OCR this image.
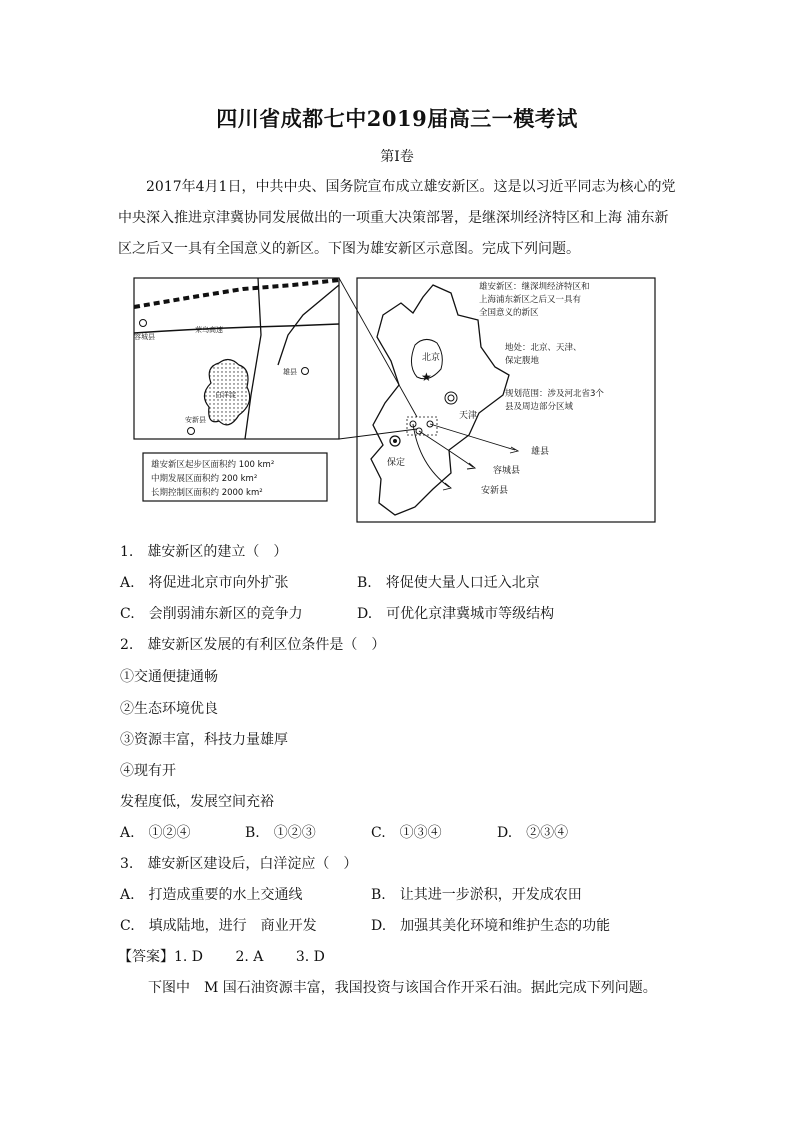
四川省成都七中2019届高三一模考试
第I卷

2017年4月1日，中共中央、国务院宣布成立雄安新区。这是以习近平同志为核心的党中央深入推进京津冀协同发展做出的一项重大决策部署，是继深圳经济特区和上海 浦东新区之后又一具有全国意义的新区。下图为雄安新区示意图。完成下列问题。

容城县
荣乌高速
雄县
白洋淀
安新县
雄安新区起步区面积约 100 km²
中期发展区面积约 200 km²
长期控制区面积约 2000 km²
北京
★
天津
保定
雄县
容城县
安新县
雄安新区：继深圳经济特区和
上海浦东新区之后又一具有
全国意义的新区
地处：北京、天津、
保定腹地
规划范围：涉及河北省3个
县及周边部分区域
1.　雄安新区的建立（　）
A.　将促进北京市向外扩张	B.　将促使大量人口迁入北京
C.　会削弱浦东新区的竞争力	D.　可优化京津冀城市等级结构
2.　雄安新区发展的有利区位条件是（　）
①交通便捷通畅
②生态环境优良
③资源丰富，科技力量雄厚
④现有开
发程度低，发展空间充裕
A.　①②④	B.　①②③	C.　①③④	D.　②③④
3.　雄安新区建设后，白洋淀应（　）
A.　打造成重要的水上交通线	B.　让其进一步淤积，开发成农田
C.　填成陆地，进行　商业开发	D.　加强其美化环境和维护生态的功能
【答案】1. D　　 2. A　　 3. D
下图中　M 国石油资源丰富，我国投资与该国合作开采石油。据此完成下列问题。
